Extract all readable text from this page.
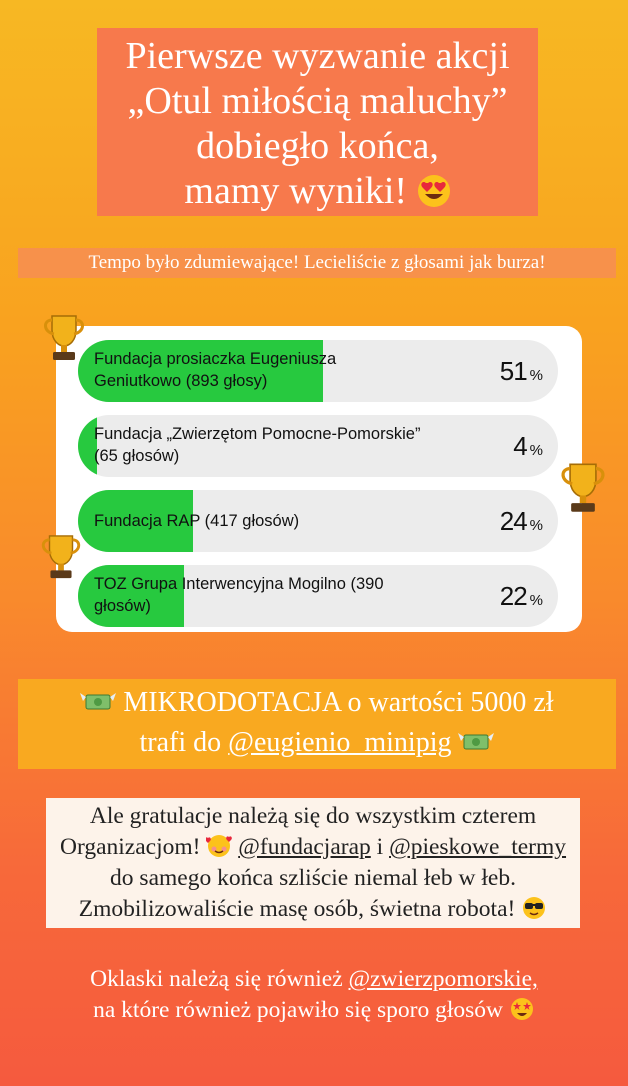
Pierwsze wyzwanie akcji
„Otul miłością maluchy”
dobiegło końca,
mamy wyniki!
Tempo było zdumiewające! Lecieliście z głosami jak burza!
Fundacja prosiaczka Eugeniusza Geniutkowo (893 głosy)	51 %
Fundacja „Zwierzętom Pomocne-Pomorskie” (65 głosów)	4 %
Fundacja RAP (417 głosów)	24 %
TOZ Grupa Interwencyjna Mogilno (390 głosów)	22 %
MIKRODOTACJA o wartości 5000 zł
trafi do @eugienio_minipig
Ale gratulacje należą się do wszystkim czterem
Organizacjom! @fundacjarap i @pieskowe_termy
do samego końca szliście niemal łeb w łeb.
Zmobilizowaliście masę osób, świetna robota!
Oklaski należą się również @zwierzpomorskie,
na które również pojawiło się sporo głosów
